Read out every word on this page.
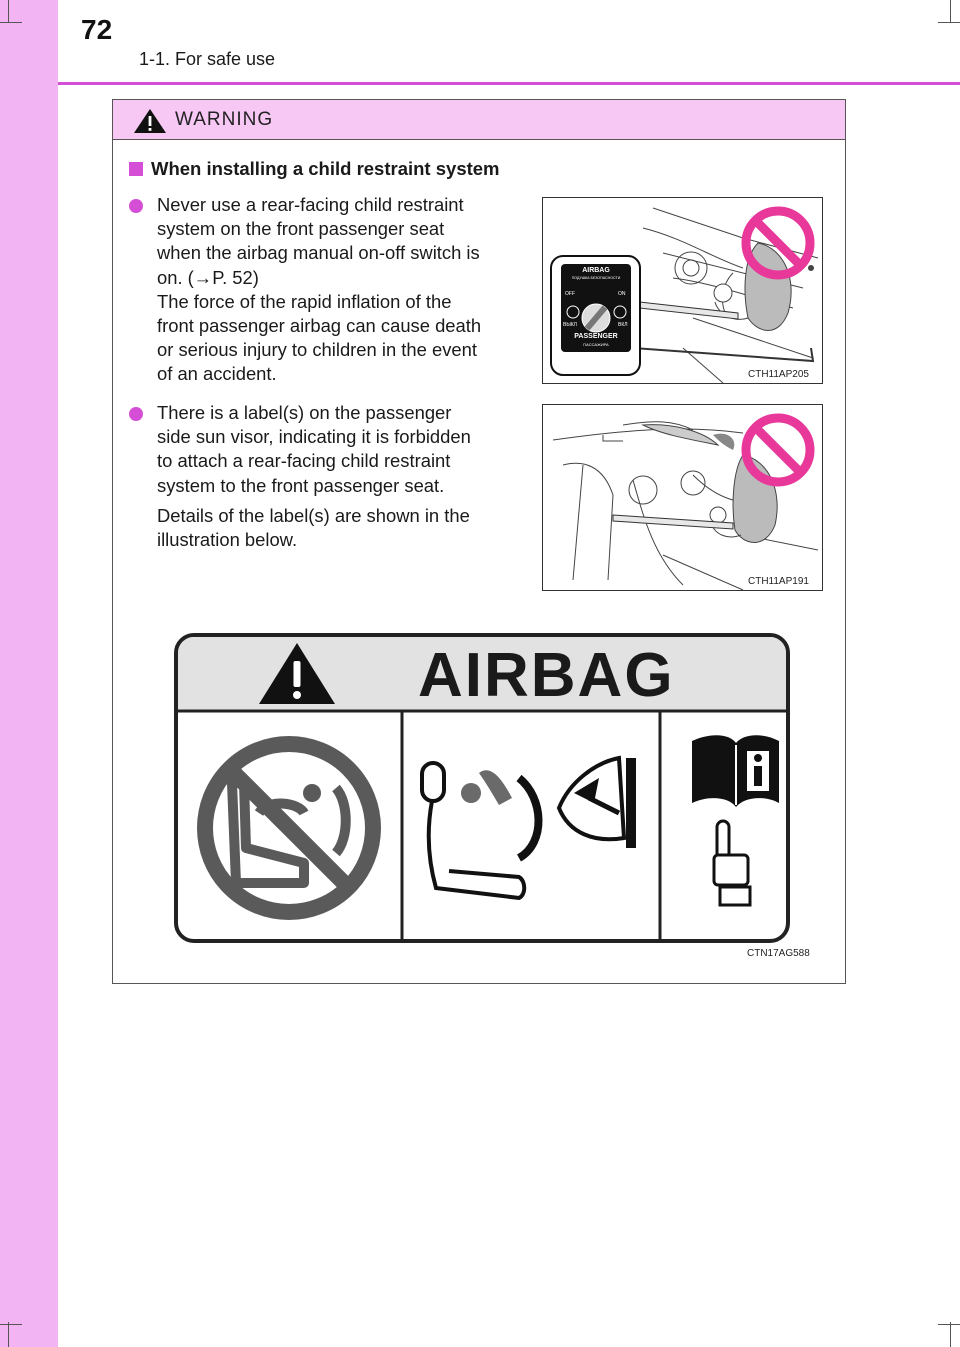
72
1-1. For safe use
WARNING
When installing a child restraint system
Never use a rear-facing child restraint
system on the front passenger seat
when the airbag manual on-off switch is
on. (→P. 52)
The force of the rapid inflation of the
front passenger airbag can cause death
or serious injury to children in the event
of an accident.
AIRBAG
ПОДУШКА БЕЗОПАСНОСТИ
OFF	ON
ВЫКЛ	ВКЛ
PASSENGER
ПАССАЖИРА
CTH11AP205
There is a label(s) on the passenger
side sun visor, indicating it is forbidden
to attach a rear-facing child restraint
system to the front passenger seat.
Details of the label(s) are shown in the
illustration below.
CTH11AP191
AIRBAG
CTN17AG588
